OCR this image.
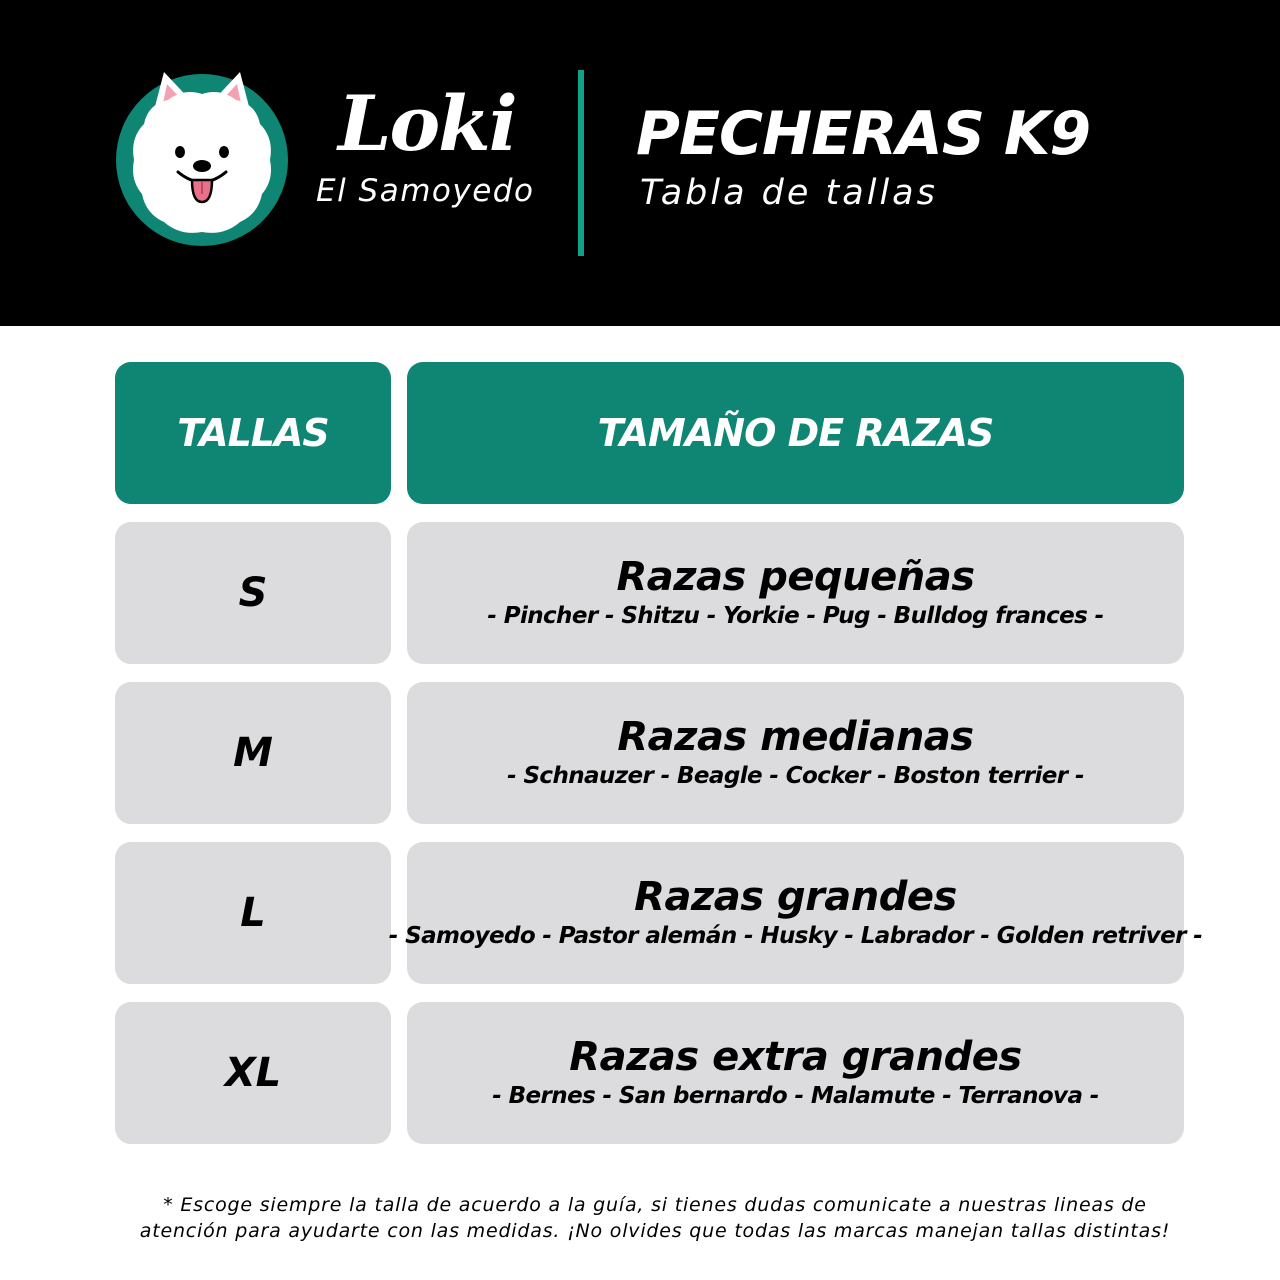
Loki
El Samoyedo
PECHERAS K9
Tabla de tallas
TALLAS	TAMAÑO DE RAZAS
S	Razas pequeñas
- Pincher - Shitzu - Yorkie - Pug - Bulldog frances -
M	Razas medianas
- Schnauzer - Beagle - Cocker - Boston terrier -
L	Razas grandes
- Samoyedo - Pastor alemán - Husky - Labrador - Golden retriver -
XL	Razas extra grandes
- Bernes - San bernardo - Malamute - Terranova -
* Escoge siempre la talla de acuerdo a la guía, si tienes dudas comunicate a nuestras lineas de
atención para ayudarte con las medidas. ¡No olvides que todas las marcas manejan tallas distintas!
